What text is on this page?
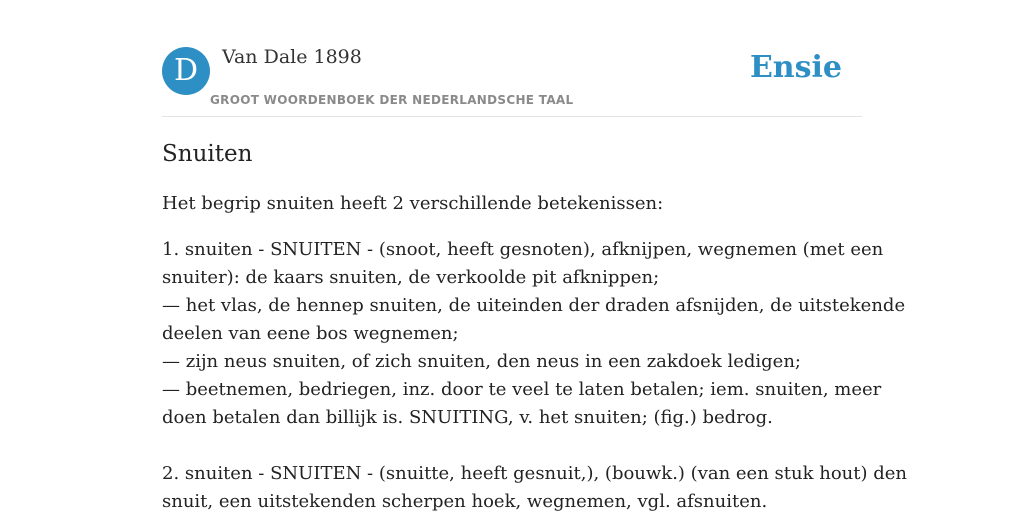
D	Van Dale 1898
GROOT WOORDENBOEK DER NEDERLANDSCHE TAAL
Ensie
Snuiten

Het begrip snuiten heeft 2 verschillende betekenissen:

1. snuiten - SNUITEN - (snoot, heeft gesnoten), afknijpen, wegnemen (met een
snuiter): de kaars snuiten, de verkoolde pit afknippen;
— het vlas, de hennep snuiten, de uiteinden der draden afsnijden, de uitstekende
deelen van eene bos wegnemen;
— zijn neus snuiten, of zich snuiten, den neus in een zakdoek ledigen;
— beetnemen, bedriegen, inz. door te veel te laten betalen; iem. snuiten, meer
doen betalen dan billijk is. SNUITING, v. het snuiten; (fig.) bedrog.
2. snuiten - SNUITEN - (snuitte, heeft gesnuit,), (bouwk.) (van een stuk hout) den
snuit, een uitstekenden scherpen hoek, wegnemen, vgl. afsnuiten.
